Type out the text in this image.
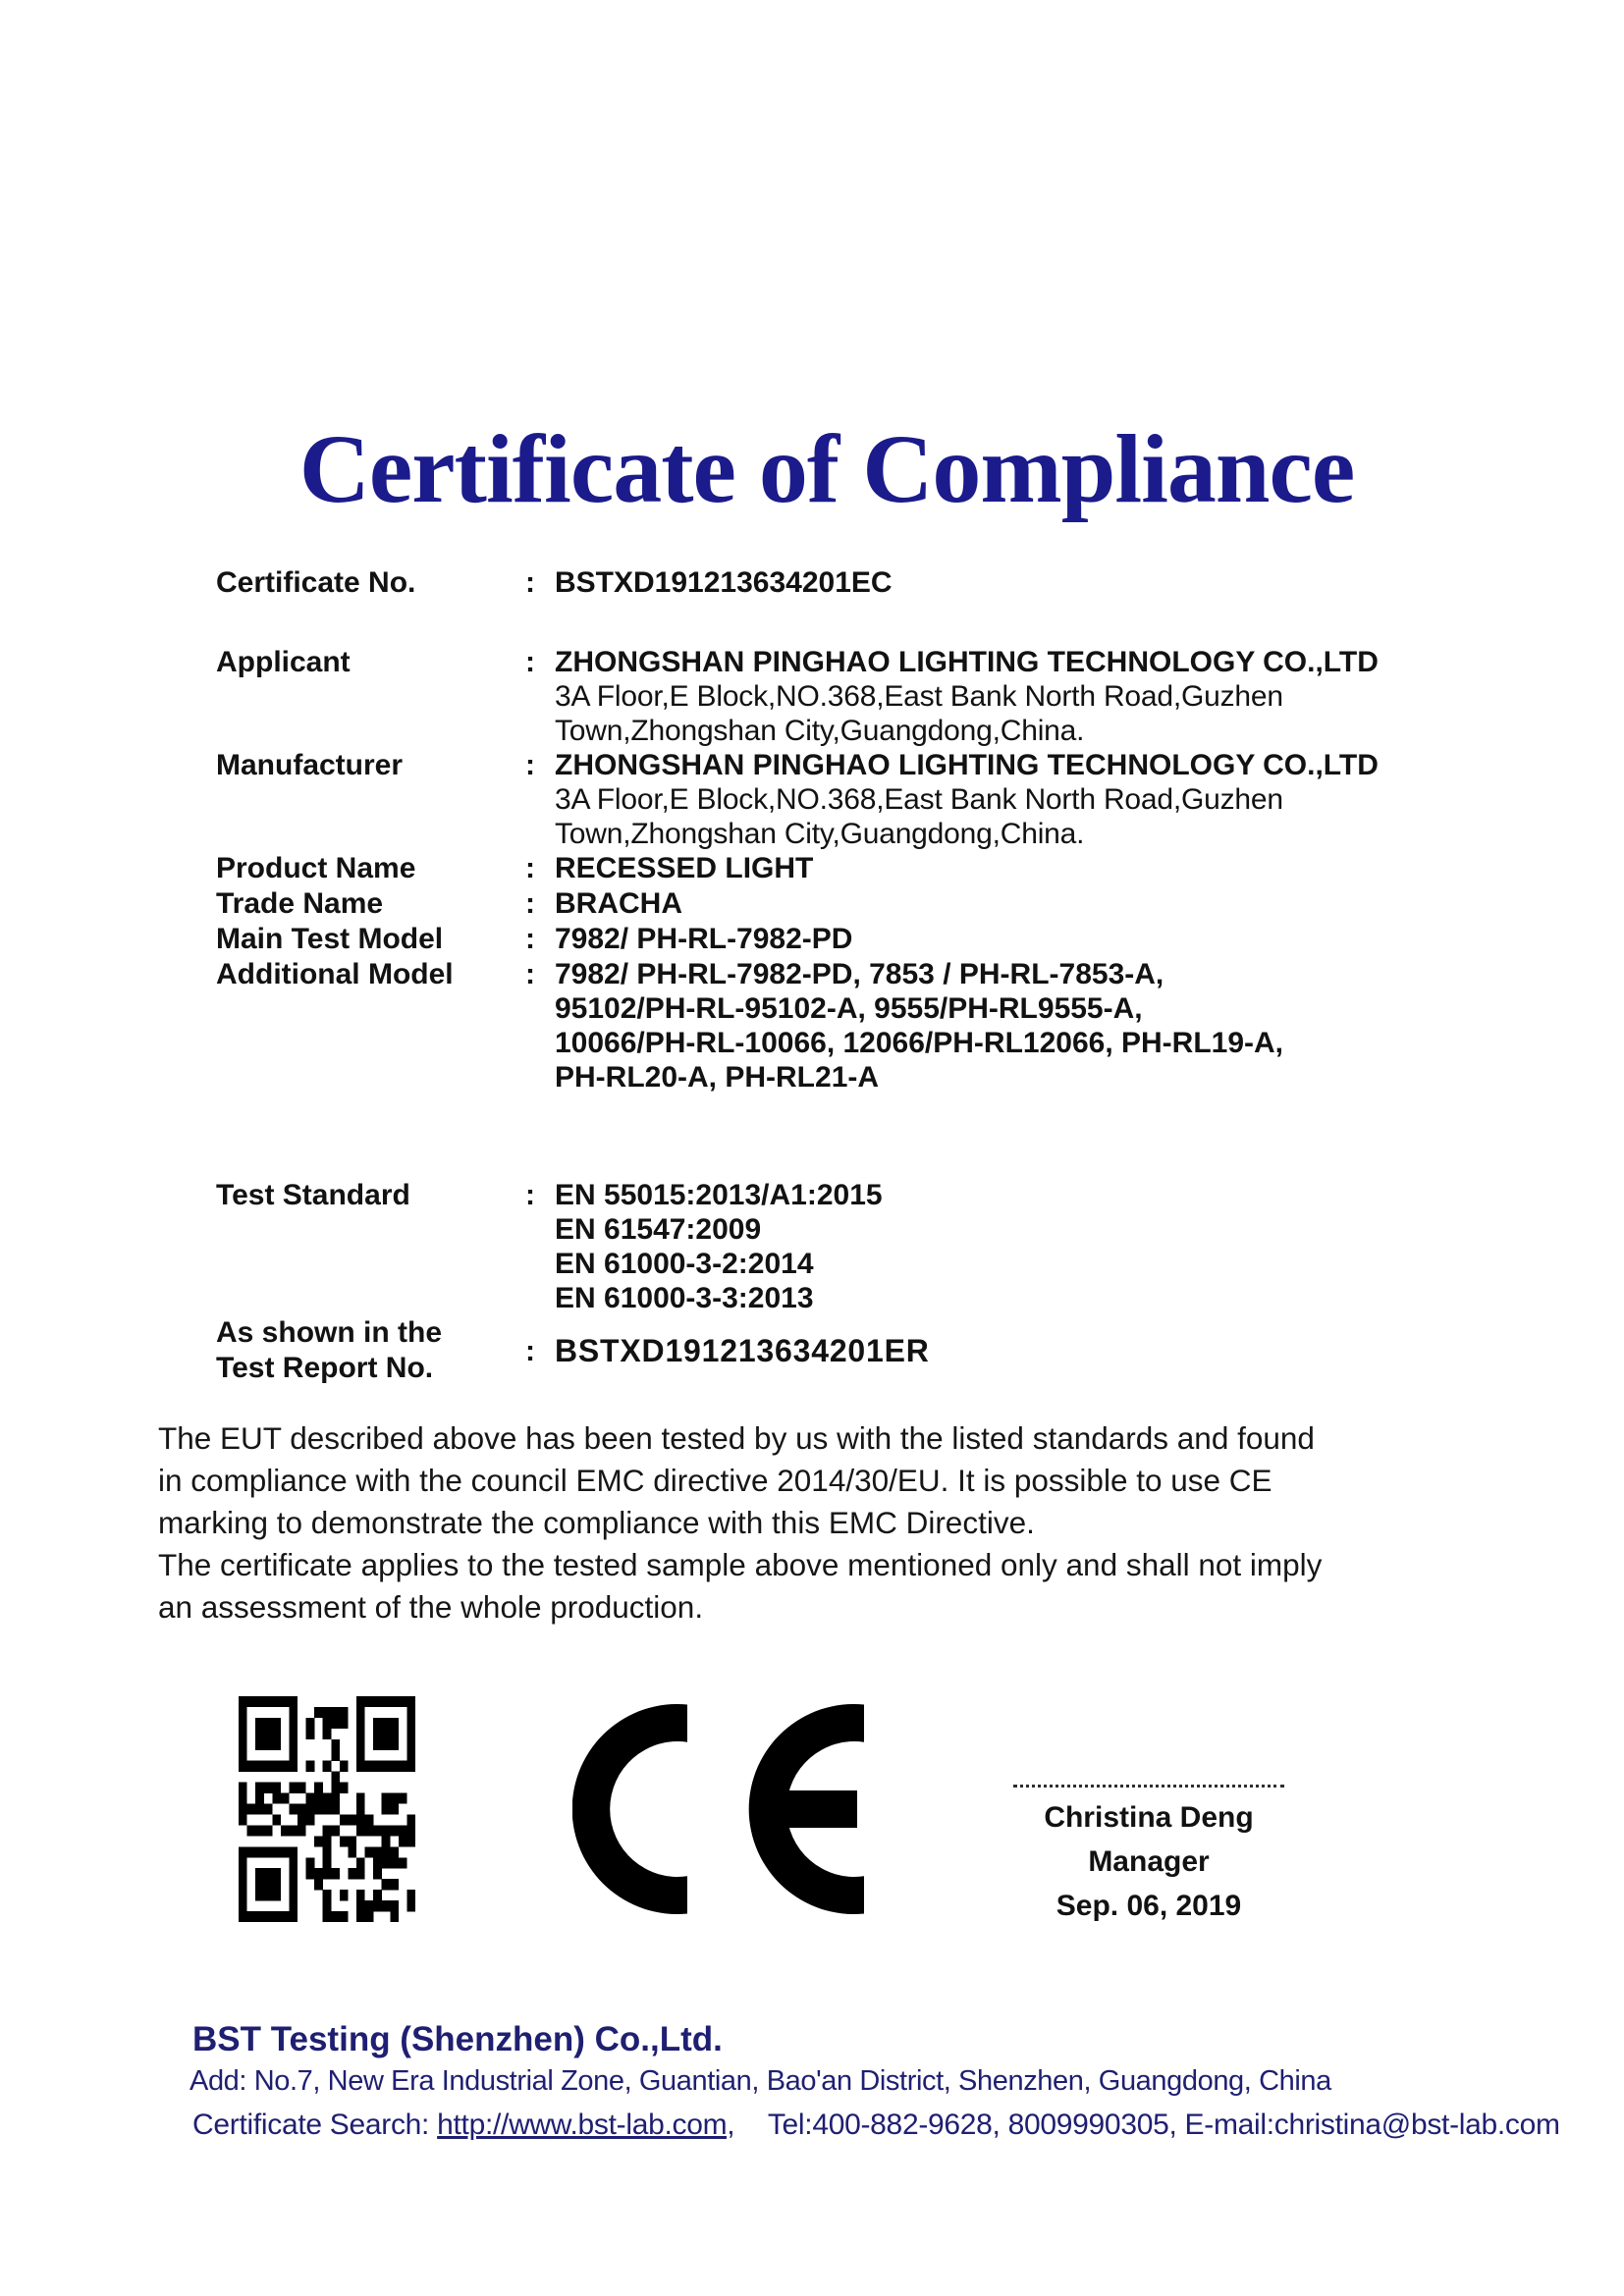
Certificate of Compliance
Certificate No.	: BSTXD191213634201EC
Applicant	: ZHONGSHAN PINGHAO LIGHTING TECHNOLOGY CO.,LTD
3A Floor,E Block,NO.368,East Bank North Road,Guzhen
Town,Zhongshan City,Guangdong,China.
Manufacturer	: ZHONGSHAN PINGHAO LIGHTING TECHNOLOGY CO.,LTD
3A Floor,E Block,NO.368,East Bank North Road,Guzhen
Town,Zhongshan City,Guangdong,China.
Product Name	: RECESSED LIGHT
Trade Name	: BRACHA
Main Test Model	: 7982/ PH-RL-7982-PD
Additional Model	: 7982/ PH-RL-7982-PD, 7853 / PH-RL-7853-A,
95102/PH-RL-95102-A, 9555/PH-RL9555-A,
10066/PH-RL-10066, 12066/PH-RL12066, PH-RL19-A,
PH-RL20-A, PH-RL21-A
Test Standard	: EN 55015:2013/A1:2015
EN 61547:2009
EN 61000-3-2:2014
EN 61000-3-3:2013
As shown in the
Test Report No.
: BSTXD191213634201ER
The EUT described above has been tested by us with the listed standards and found
in compliance with the council EMC directive 2014/30/EU. It is possible to use CE
marking to demonstrate the compliance with this EMC Directive.
The certificate applies to the tested sample above mentioned only and shall not imply
an assessment of the whole production.
Christina Deng
Manager
Sep. 06, 2019
BST Testing (Shenzhen) Co.,Ltd.
Add: No.7, New Era Industrial Zone, Guantian, Bao'an District, Shenzhen, Guangdong, China
Certificate Search: http://www.bst-lab.com, Tel:400-882-9628, 8009990305, E-mail:christina@bst-lab.com
